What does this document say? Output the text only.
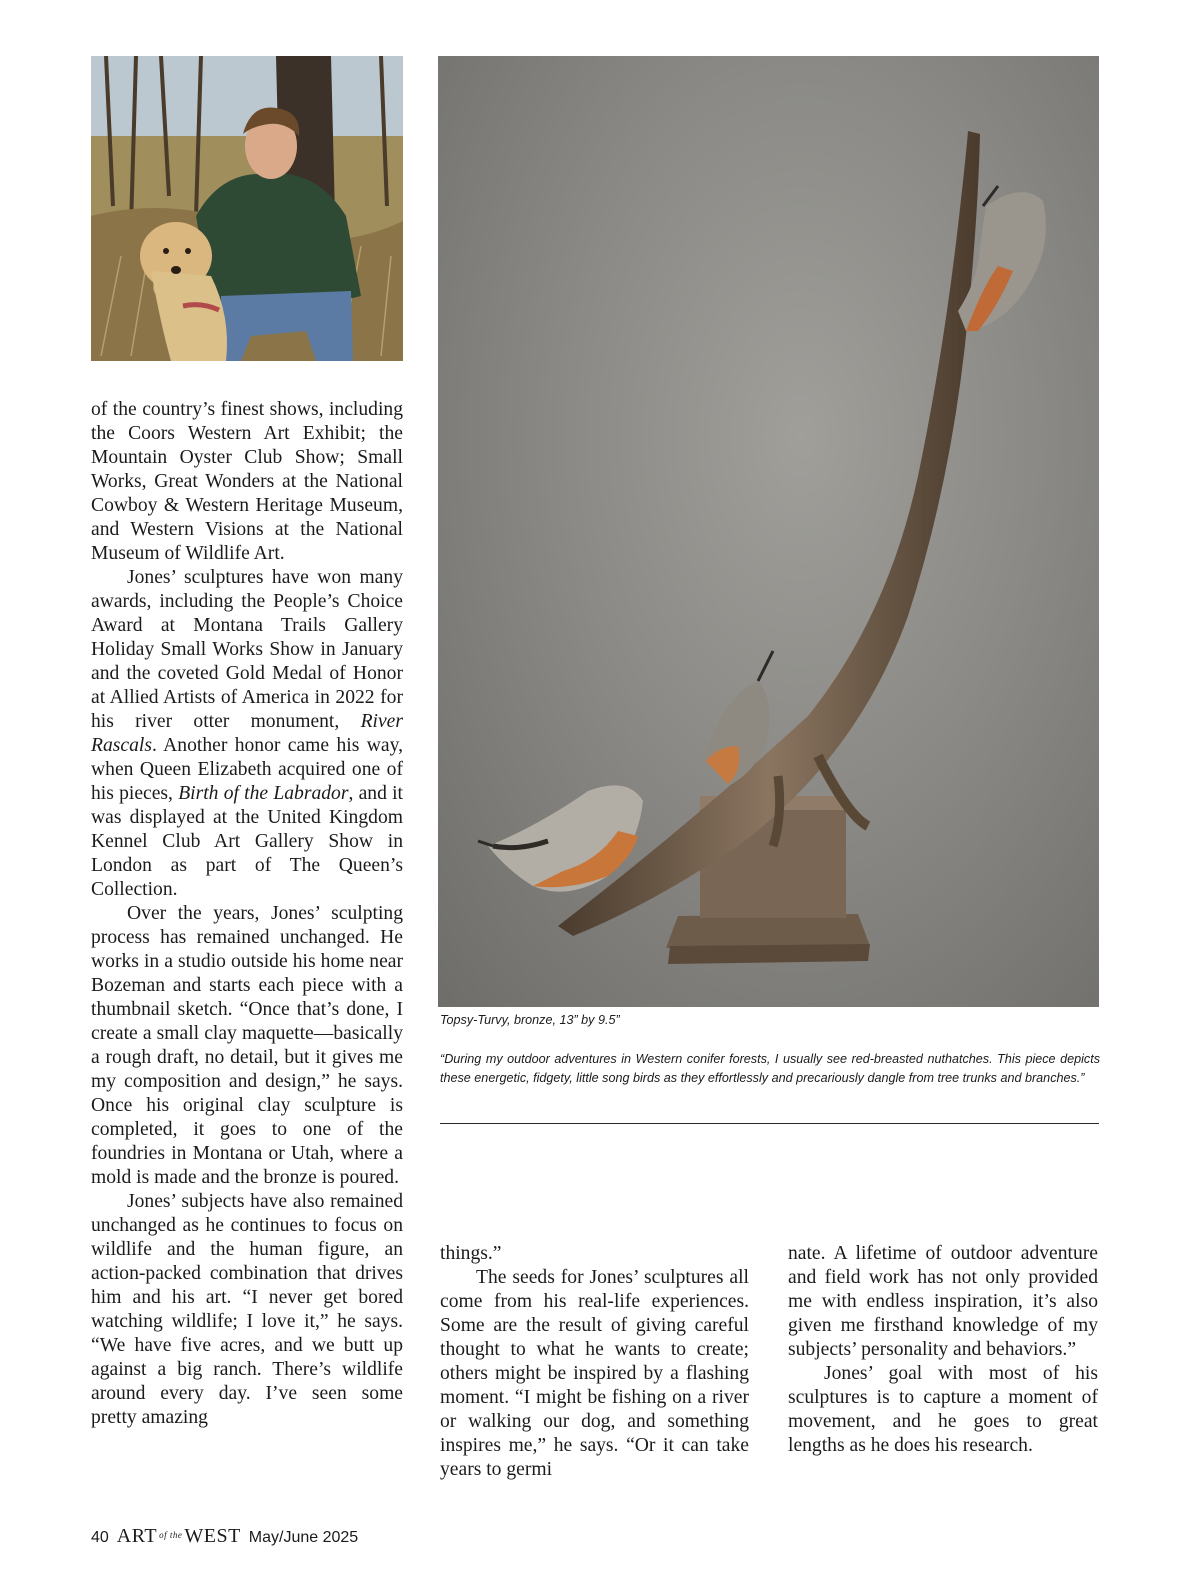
of the country’s finest shows, including the Coors Western Art Exhibit; the Mountain Oyster Club Show; Small Works, Great Wonders at the National Cowboy & Western Heritage Museum, and Western Visions at the National Museum of Wildlife Art.

Jones’ sculptures have won many awards, including the People’s Choice Award at Montana Trails Gallery Holiday Small Works Show in January and the coveted Gold Medal of Honor at Allied Artists of America in 2022 for his river otter monument, River Rascals. Another honor came his way, when Queen Elizabeth acquired one of his pieces, Birth of the Labrador, and it was displayed at the United Kingdom Kennel Club Art Gallery Show in London as part of The Queen’s Collection.

Over the years, Jones’ sculpting process has remained unchanged. He works in a studio outside his home near Bozeman and starts each piece with a thumbnail sketch. “Once that’s done, I create a small clay maquette—basically a rough draft, no detail, but it gives me my composition and design,” he says. Once his original clay sculpture is completed, it goes to one of the foundries in Montana or Utah, where a mold is made and the bronze is poured.

Jones’ subjects have also remained unchanged as he continues to focus on wildlife and the human figure, an action-packed combination that drives him and his art. “I never get bored watching wildlife; I love it,” he says. “We have five acres, and we butt up against a big ranch. There’s wildlife around every day. I’ve seen some pretty amazing

Topsy-Turvy, bronze, 13” by 9.5”

“During my outdoor adventures in Western conifer forests, I usually see red-breasted nuthatches. This piece depicts these energetic, fidgety, little song birds as they effortlessly and precariously dangle from tree trunks and branches.”

things.”

The seeds for Jones’ sculptures all come from his real-life experiences. Some are the result of giving careful thought to what he wants to create; others might be inspired by a flashing moment. “I might be fishing on a river or walking our dog, and something inspires me,” he says. “Or it can take years to germi

nate. A lifetime of outdoor adventure and field work has not only provided me with endless inspiration, it’s also given me firsthand knowledge of my subjects’ personality and behaviors.”

Jones’ goal with most of his sculptures is to capture a moment of movement, and he goes to great lengths as he does his research.

40 ART of the WEST May/June 2025
